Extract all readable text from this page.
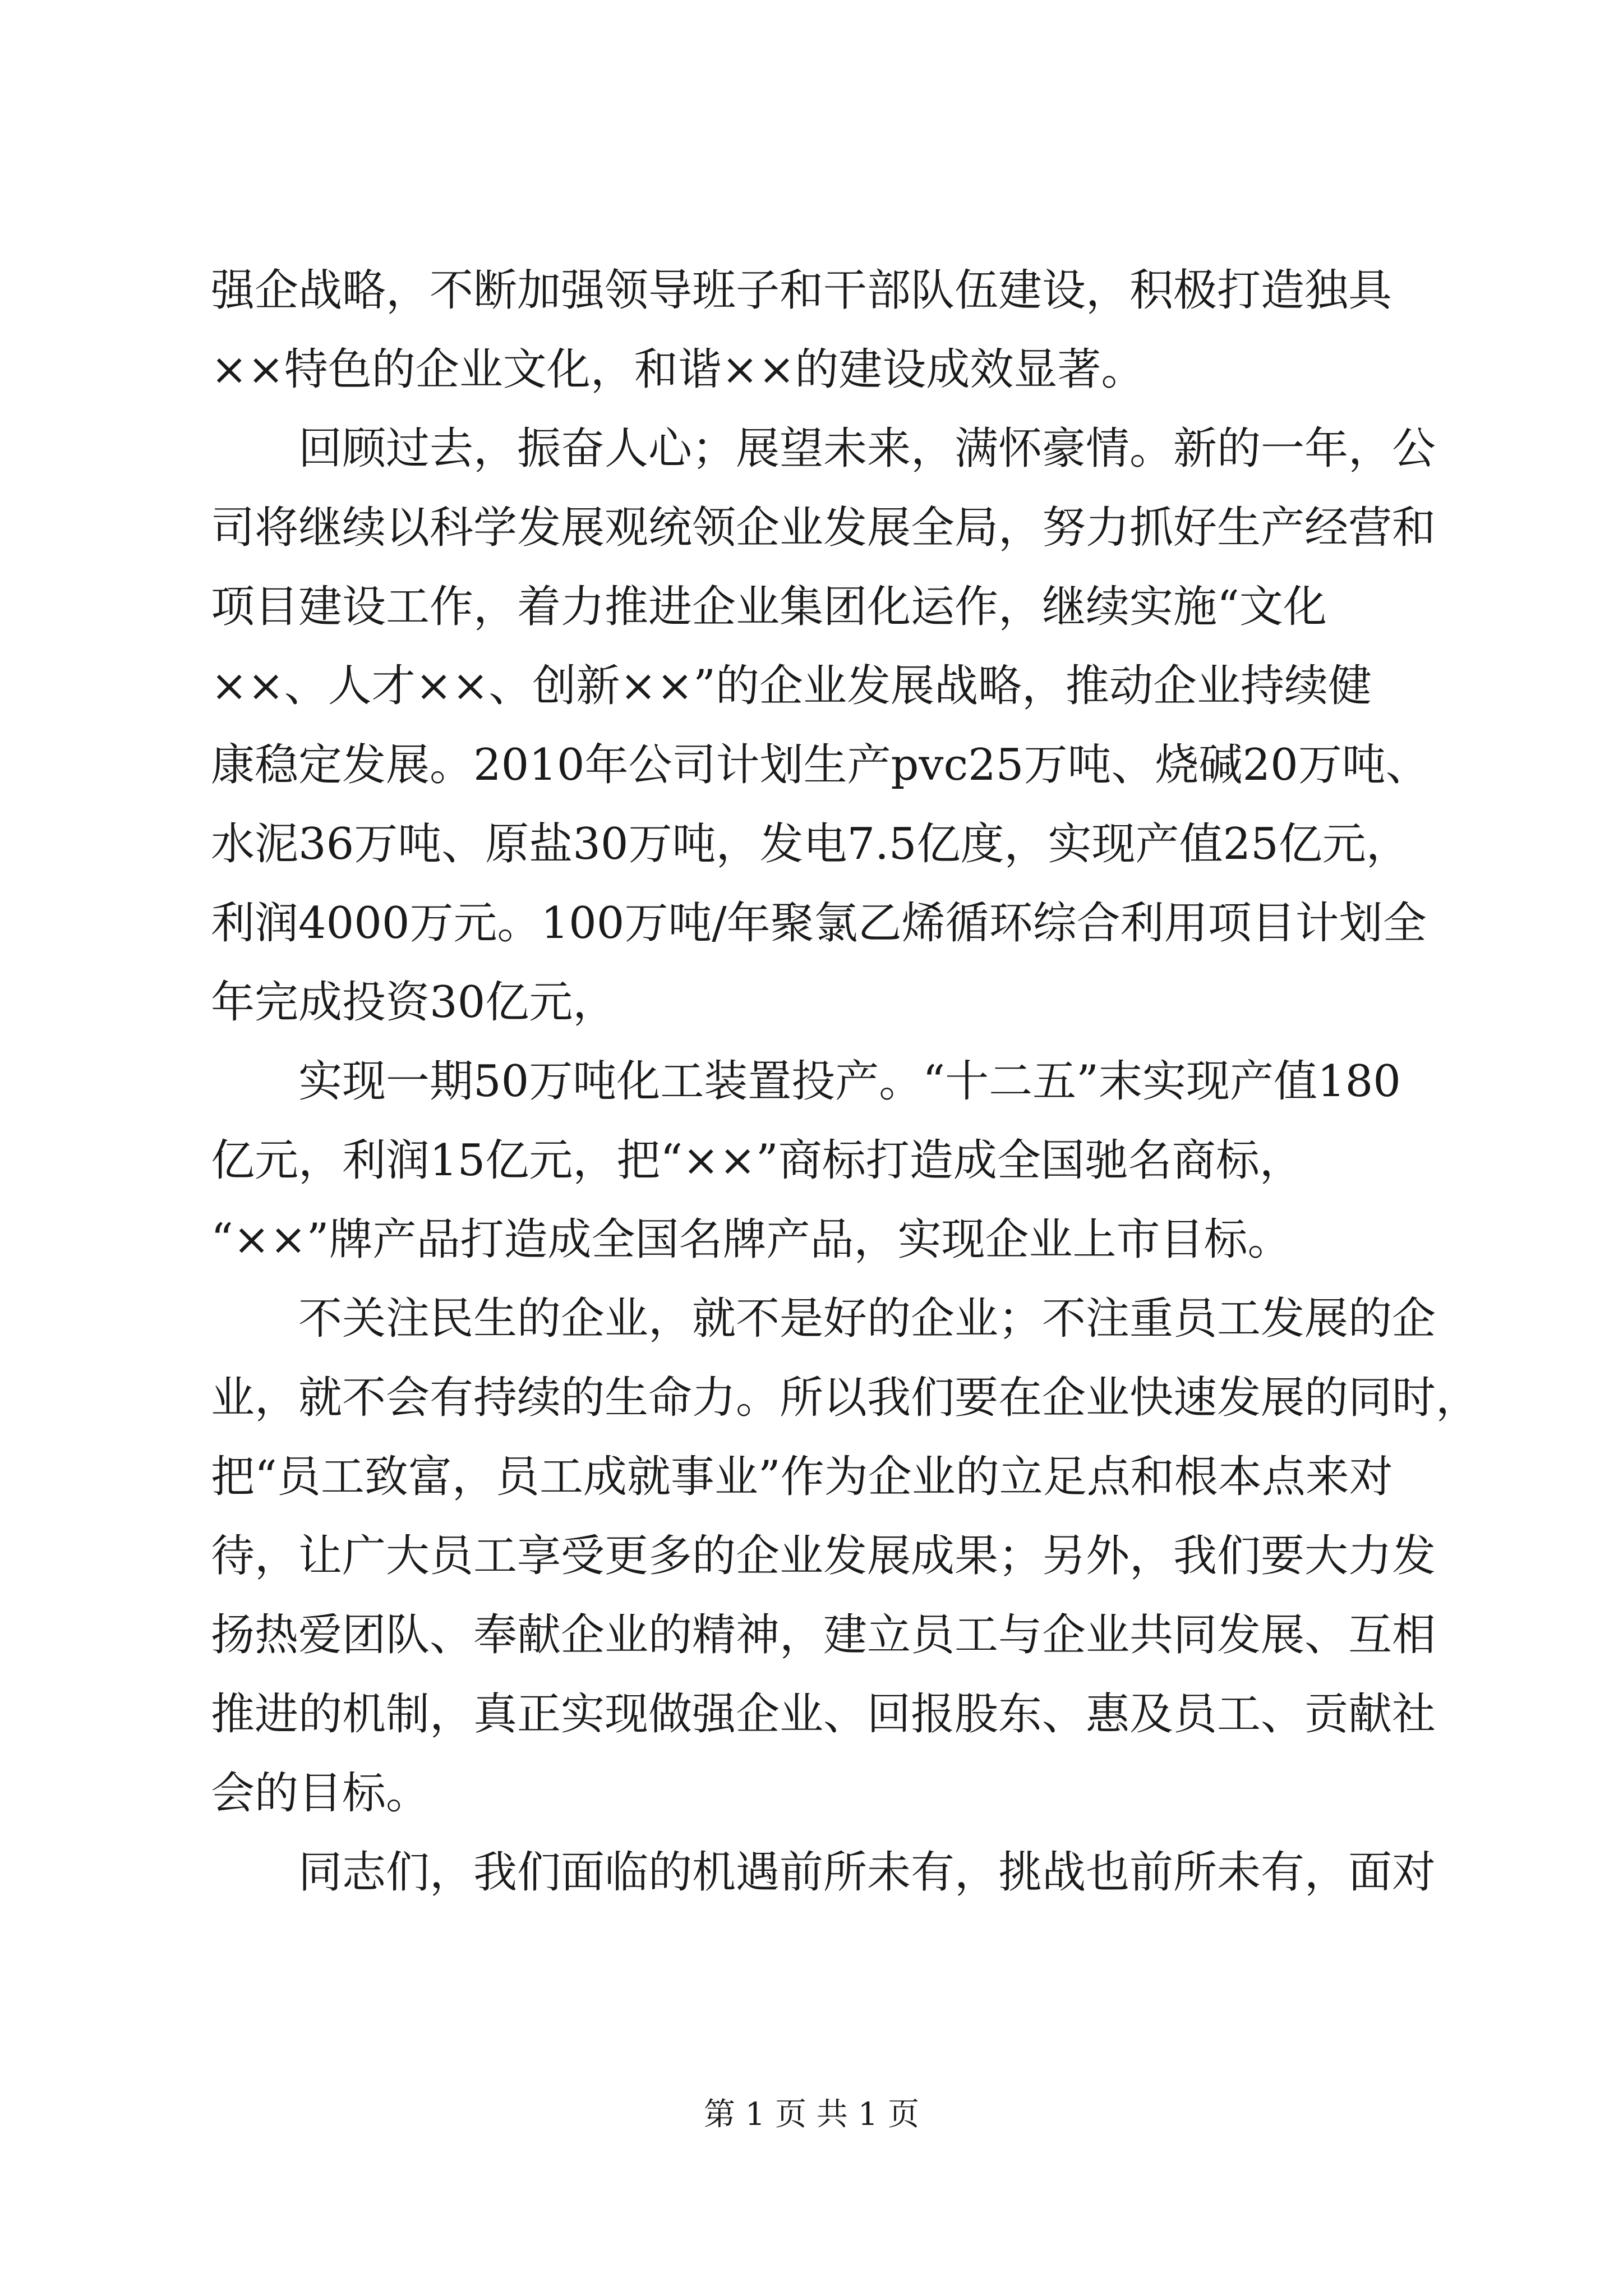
强企战略，不断加强领导班子和干部队伍建设，积极打造独具
××特色的企业文化，和谐××的建设成效显著。
回顾过去，振奋人心；展望未来，满怀豪情。新的一年，公
司将继续以科学发展观统领企业发展全局，努力抓好生产经营和
项目建设工作，着力推进企业集团化运作，继续实施“文化
××、人才××、创新××”的企业发展战略，推动企业持续健
康稳定发展。2010年公司计划生产pvc25万吨、烧碱20万吨、
水泥36万吨、原盐30万吨，发电7.5亿度，实现产值25亿元，
利润4000万元。100万吨/年聚氯乙烯循环综合利用项目计划全
年完成投资30亿元，
实现一期50万吨化工装置投产。“十二五”末实现产值180
亿元，利润15亿元，把“××”商标打造成全国驰名商标，
“××”牌产品打造成全国名牌产品，实现企业上市目标。
不关注民生的企业，就不是好的企业；不注重员工发展的企
业，就不会有持续的生命力。所以我们要在企业快速发展的同时，
把“员工致富，员工成就事业”作为企业的立足点和根本点来对
待，让广大员工享受更多的企业发展成果；另外，我们要大力发
扬热爱团队、奉献企业的精神，建立员工与企业共同发展、互相
推进的机制，真正实现做强企业、回报股东、惠及员工、贡献社
会的目标。
同志们，我们面临的机遇前所未有，挑战也前所未有，面对
第 1 页 共 1 页
